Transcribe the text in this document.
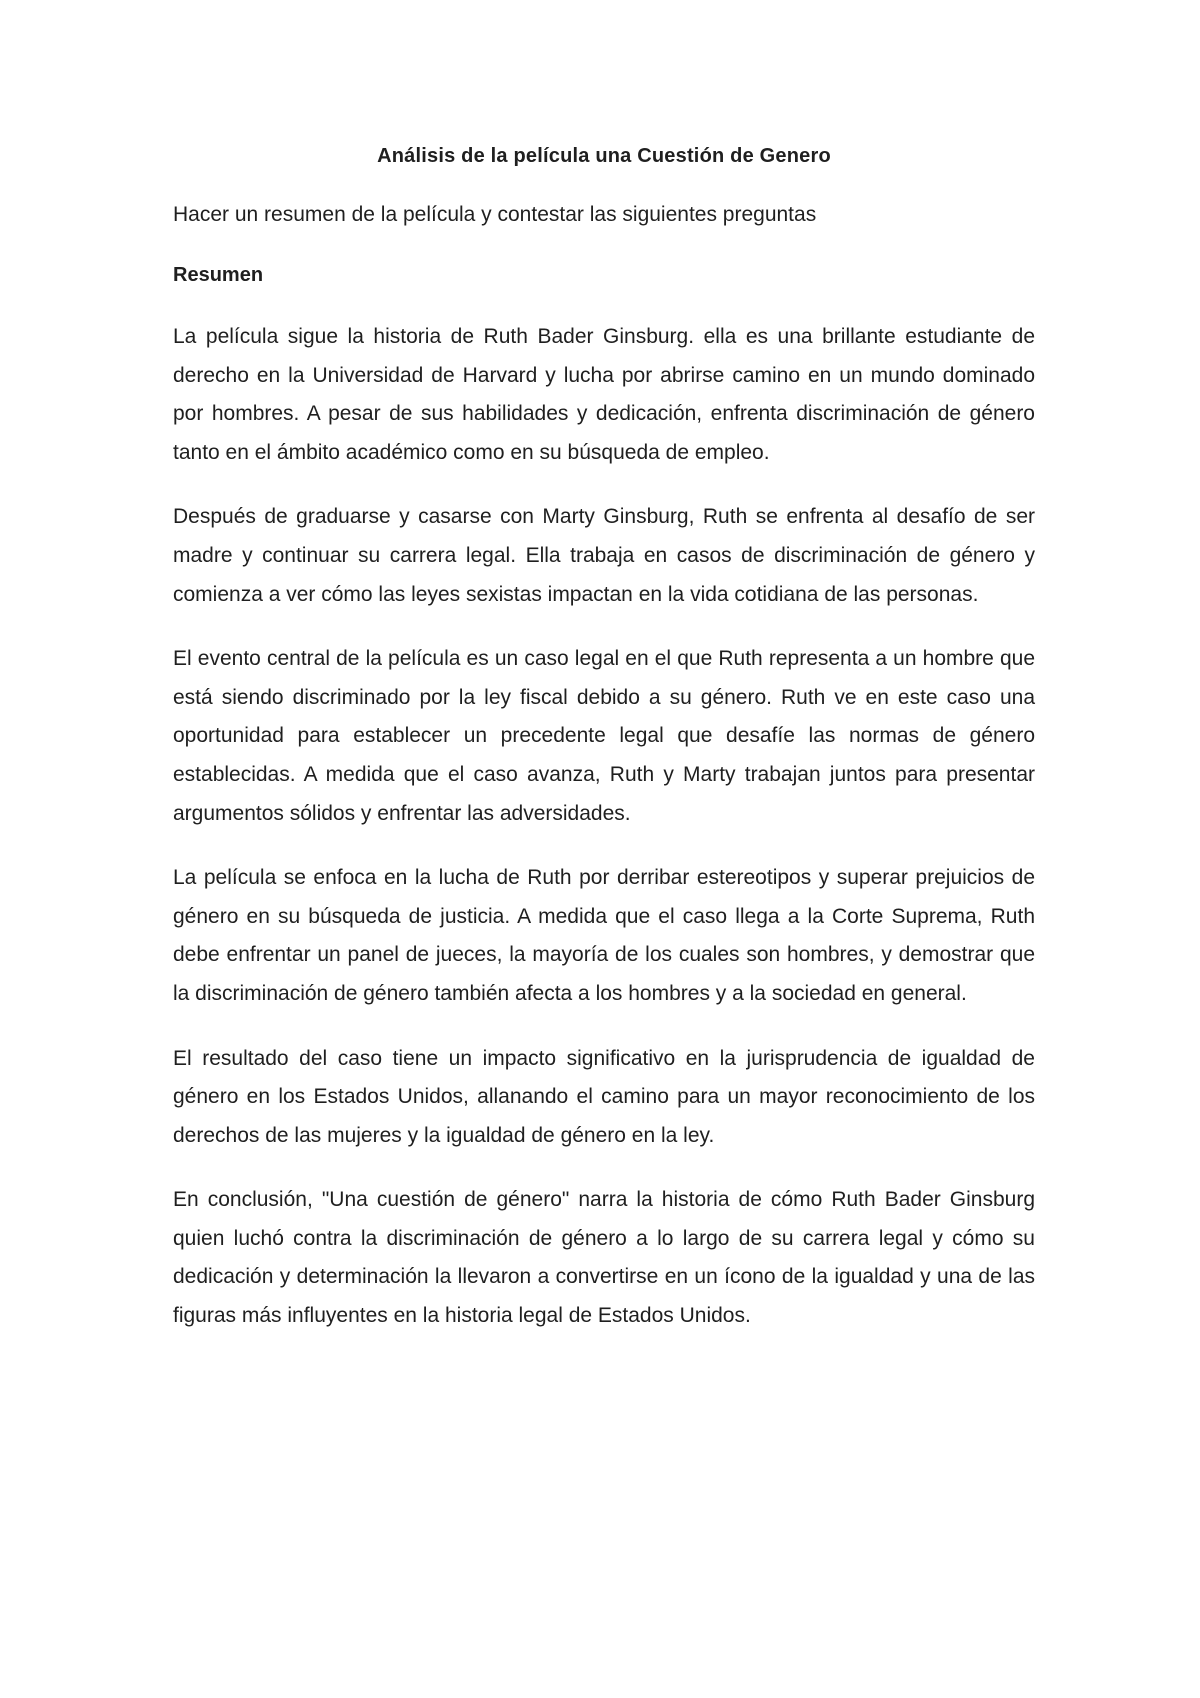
Análisis de la película una Cuestión de Genero
Hacer un resumen de la película y contestar las siguientes preguntas
Resumen

La película sigue la historia de Ruth Bader Ginsburg. ella es una brillante estudiante de derecho en la Universidad de Harvard y lucha por abrirse camino en un mundo dominado por hombres. A pesar de sus habilidades y dedicación, enfrenta discriminación de género tanto en el ámbito académico como en su búsqueda de empleo.

Después de graduarse y casarse con Marty Ginsburg, Ruth se enfrenta al desafío de ser madre y continuar su carrera legal. Ella trabaja en casos de discriminación de género y comienza a ver cómo las leyes sexistas impactan en la vida cotidiana de las personas.

El evento central de la película es un caso legal en el que Ruth representa a un hombre que está siendo discriminado por la ley fiscal debido a su género. Ruth ve en este caso una oportunidad para establecer un precedente legal que desafíe las normas de género establecidas. A medida que el caso avanza, Ruth y Marty trabajan juntos para presentar argumentos sólidos y enfrentar las adversidades.

La película se enfoca en la lucha de Ruth por derribar estereotipos y superar prejuicios de género en su búsqueda de justicia. A medida que el caso llega a la Corte Suprema, Ruth debe enfrentar un panel de jueces, la mayoría de los cuales son hombres, y demostrar que la discriminación de género también afecta a los hombres y a la sociedad en general.

El resultado del caso tiene un impacto significativo en la jurisprudencia de igualdad de género en los Estados Unidos, allanando el camino para un mayor reconocimiento de los derechos de las mujeres y la igualdad de género en la ley.

En conclusión, "Una cuestión de género" narra la historia de cómo Ruth Bader Ginsburg quien luchó contra la discriminación de género a lo largo de su carrera legal y cómo su dedicación y determinación la llevaron a convertirse en un ícono de la igualdad y una de las figuras más influyentes en la historia legal de Estados Unidos.
